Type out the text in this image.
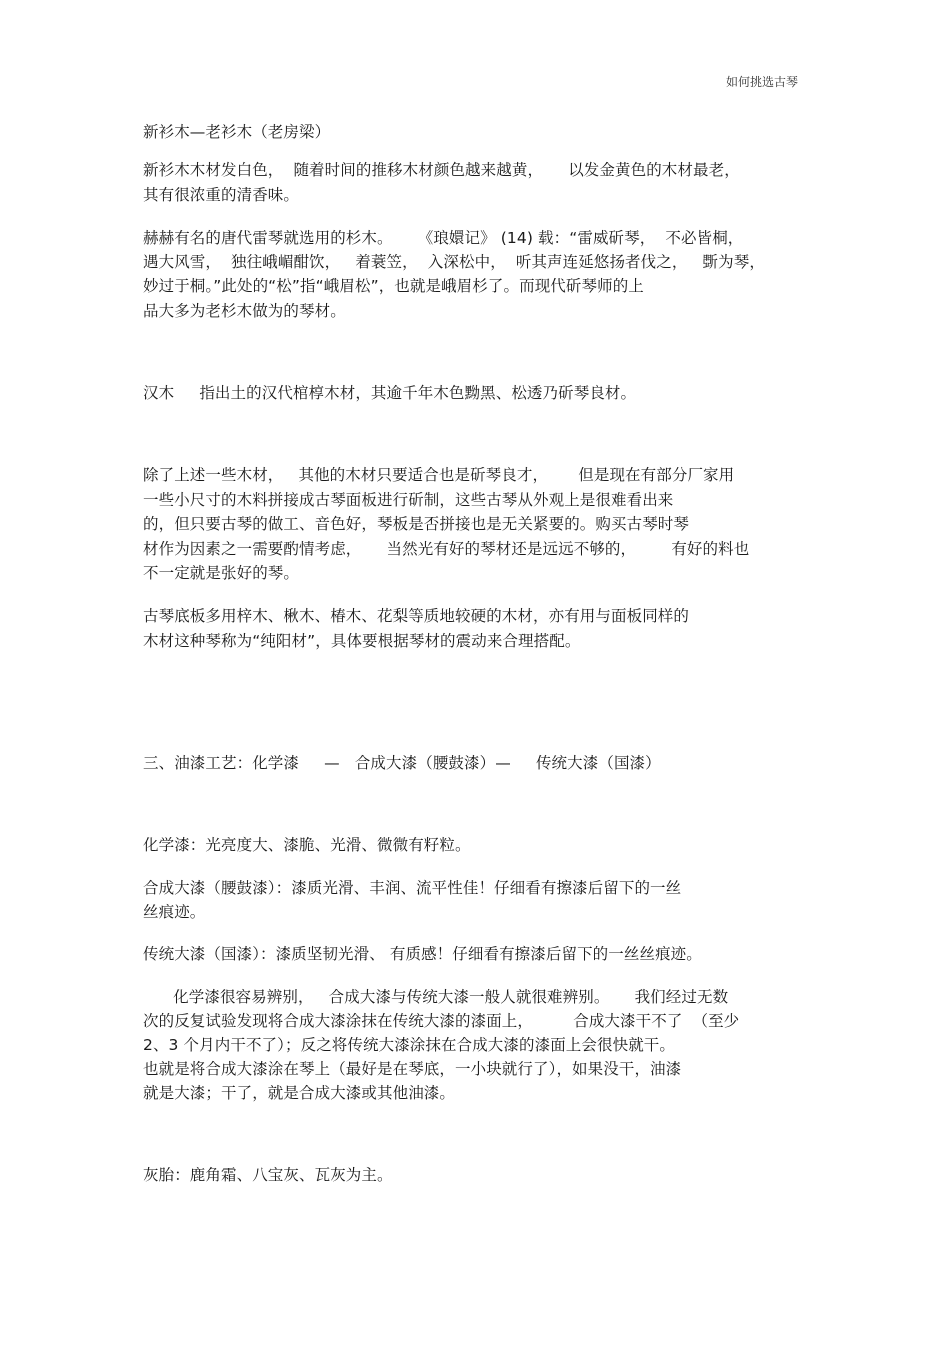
如何挑选古琴
新衫木—老衫木（老房梁）
新衫木木材发白色，  随着时间的推移木材颜色越来越黄，     以发金黄色的木材最老，
其有很浓重的清香味。
赫赫有名的唐代雷琴就选用的杉木。     《琅嬛记》 (14) 载：“雷威斫琴，  不必皆桐，
遇大风雪，  独往峨嵋酣饮，   着蓑笠，  入深松中，  听其声连延悠扬者伐之，   斲为琴，
妙过于桐。”此处的“松”指“峨眉松”，也就是峨眉杉了。而现代斫琴师的上
品大多为老杉木做为的琴材。
汉木     指出土的汉代棺椁木材，其逾千年木色黝黑、松透乃斫琴良材。
除了上述一些木材，   其他的木材只要适合也是斫琴良才，      但是现在有部分厂家用
一些小尺寸的木料拼接成古琴面板进行斫制，这些古琴从外观上是很难看出来
的，但只要古琴的做工、音色好，琴板是否拼接也是无关紧要的。购买古琴时琴
材作为因素之一需要酌情考虑，     当然光有好的琴材还是远远不够的，       有好的料也
不一定就是张好的琴。
古琴底板多用梓木、楸木、椿木、花梨等质地较硬的木材，亦有用与面板同样的
木材这种琴称为“纯阳材”，具体要根据琴材的震动来合理搭配。
三、油漆工艺：化学漆     —   合成大漆（腰鼓漆）—     传统大漆（国漆）
化学漆：光亮度大、漆脆、光滑、微微有籽粒。
合成大漆（腰鼓漆）：漆质光滑、丰润、流平性佳！仔细看有擦漆后留下的一丝
丝痕迹。
传统大漆（国漆）：漆质坚韧光滑、 有质感！仔细看有擦漆后留下的一丝丝痕迹。
化学漆很容易辨别，   合成大漆与传统大漆一般人就很难辨别。     我们经过无数
次的反复试验发现将合成大漆涂抹在传统大漆的漆面上，        合成大漆干不了  （至少
2、3 个月内干不了）；反之将传统大漆涂抹在合成大漆的漆面上会很快就干。
也就是将合成大漆涂在琴上（最好是在琴底，一小块就行了），如果没干，油漆
就是大漆；干了，就是合成大漆或其他油漆。
灰胎：鹿角霜、八宝灰、瓦灰为主。
